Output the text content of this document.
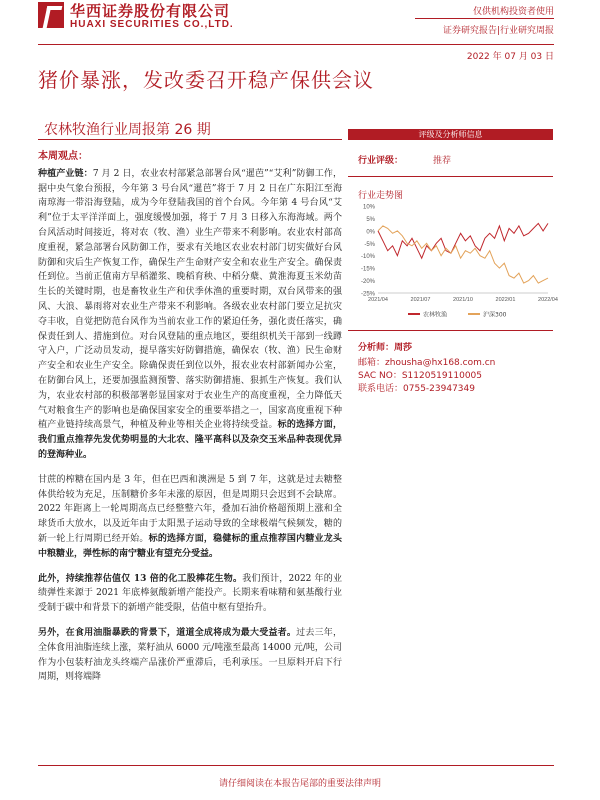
华西证券股份有限公司
HUAXI SECURITIES CO.,LTD.
仅供机构投资者使用
证券研究报告|行业研究周报
2022 年 07 月 03 日
猪价暴涨，发改委召开稳产保供会议
农林牧渔行业周报第 26 期
本周观点：

种植产业链：7 月 2 日，农业农村部紧急部署台风“暹芭”“艾利”防御工作，据中央气象台预报，今年第 3 号台风“暹芭”将于 7 月 2 日在广东阳江至海南琼海一带沿海登陆，成为今年登陆我国的首个台风。今年第 4 号台风“艾利”位于太平洋洋面上，强度缓慢加强，将于 7 月 3 日移入东海海域。两个台风活动时间接近，将对农（牧、渔）业生产带来不利影响。农业农村部高度重视，紧急部署台风防御工作，要求有关地区农业农村部门切实做好台风防御和灾后生产恢复工作，确保生产生命财产安全和农业生产安全。确保责任到位。当前正值南方早稻灌浆、晚稻育秧、中稻分蘖、黄淮海夏玉米幼苗生长的关键时期，也是畜牧业生产和伏季休渔的重要时期，双台风带来的强风、大浪、暴雨将对农业生产带来不利影响。各级农业农村部门要立足抗灾夺丰收，自觉把防范台风作为当前农业工作的紧迫任务，强化责任落实，确保责任到人、措施到位。对台风登陆的重点地区，要组织机关干部到一线蹲守入户，广泛动员发动，提早落实好防御措施，确保农（牧、渔）民生命财产安全和农业生产安全。除确保责任到位以外，报农业农村部新闻办公室，在防御台风上，还要加强监测预警、落实防御措施、狠抓生产恢复。我们认为，农业农村部的积极部署彰显国家对于农业生产的高度重视，全力降低天气对粮食生产的影响也是确保国家安全的重要举措之一，国家高度重视下种植产业链持续高景气，种植及种业等相关企业将持续受益。标的选择方面，我们重点推荐先发优势明显的大北农、隆平高科以及杂交玉米品种表现优异的登海种业。

甘蔗的榨糖在国内是 3 年，但在巴西和澳洲是 5 到 7 年，这就是过去糖整体供给较为充足，压制糖价多年未涨的原因，但是周期只会迟到不会缺席。2022 年距离上一轮周期高点已经整整六年，叠加石油价格超预期上涨和全球货币大放水，以及近年由于太阳黑子运动导致的全球极端气候频发，糖的新一轮上行周期已经开始。标的选择方面，稳健标的重点推荐国内糖业龙头中粮糖业，弹性标的南宁糖业有望充分受益。

此外，持续推荐估值仅 13 倍的化工股棒花生物。我们预计，2022 年的业绩弹性来源于 2021 年底棒氨酸新增产能投产。长期来看味精和氨基酸行业受制于碳中和背景下的新增产能受限，估值中枢有望抬升。

另外，在食用油脂暴跌的背景下，道道全成将成为最大受益者。过去三年，全体食用油脂连续上涨，菜籽油从 6000 元/吨涨至最高 14000 元/吨，公司作为小包装籽油龙头终端产品涨价严重滞后，毛利承压。一旦原料开启下行周期，则将端降

评级及分析师信息
行业评级：	推荐
行业走势图
10%
5%
0%
-5%
-10%
-15%
-20%
-25%
2021/04	2021/07	2021/10	2022/01	2022/04
农林牧渔	沪深300
分析师：周莎
邮箱：zhousha@hx168.com.cn
SAC NO：S1120519110005
联系电话：0755-23947349
请仔细阅读在本报告尾部的重要法律声明
